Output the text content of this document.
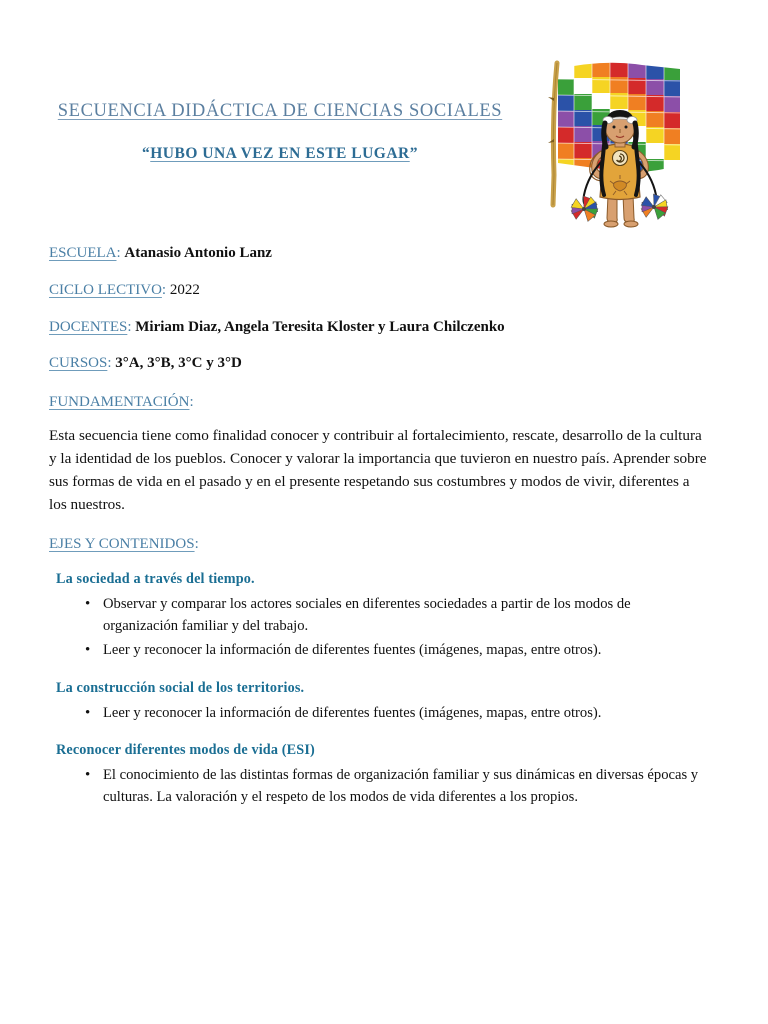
SECUENCIA DIDÁCTICA DE CIENCIAS SOCIALES
“HUBO UNA VEZ EN ESTE LUGAR”
ESCUELA: Atanasio Antonio Lanz
CICLO LECTIVO: 2022
DOCENTES: Miriam Diaz, Angela Teresita Kloster y Laura Chilczenko
CURSOS: 3°A, 3°B, 3°C y 3°D
FUNDAMENTACIÓN:

Esta secuencia tiene como finalidad conocer y contribuir al fortalecimiento, rescate, desarrollo de la cultura y la identidad de los pueblos. Conocer y valorar la importancia que tuvieron en nuestro país. Aprender sobre sus formas de vida en el pasado y en el presente respetando sus costumbres y modos de vivir, diferentes a los nuestros.

EJES Y CONTENIDOS:
La sociedad a través del tiempo.
• Observar y comparar los actores sociales en diferentes sociedades a partir de los modos de organización familiar y del trabajo.
• Leer y reconocer la información de diferentes fuentes (imágenes, mapas, entre otros).
La construcción social de los territorios.
• Leer y reconocer la información de diferentes fuentes (imágenes, mapas, entre otros).
Reconocer diferentes modos de vida (ESI)
• El conocimiento de las distintas formas de organización familiar y sus dinámicas en diversas épocas y culturas. La valoración y el respeto de los modos de vida diferentes a los propios.
